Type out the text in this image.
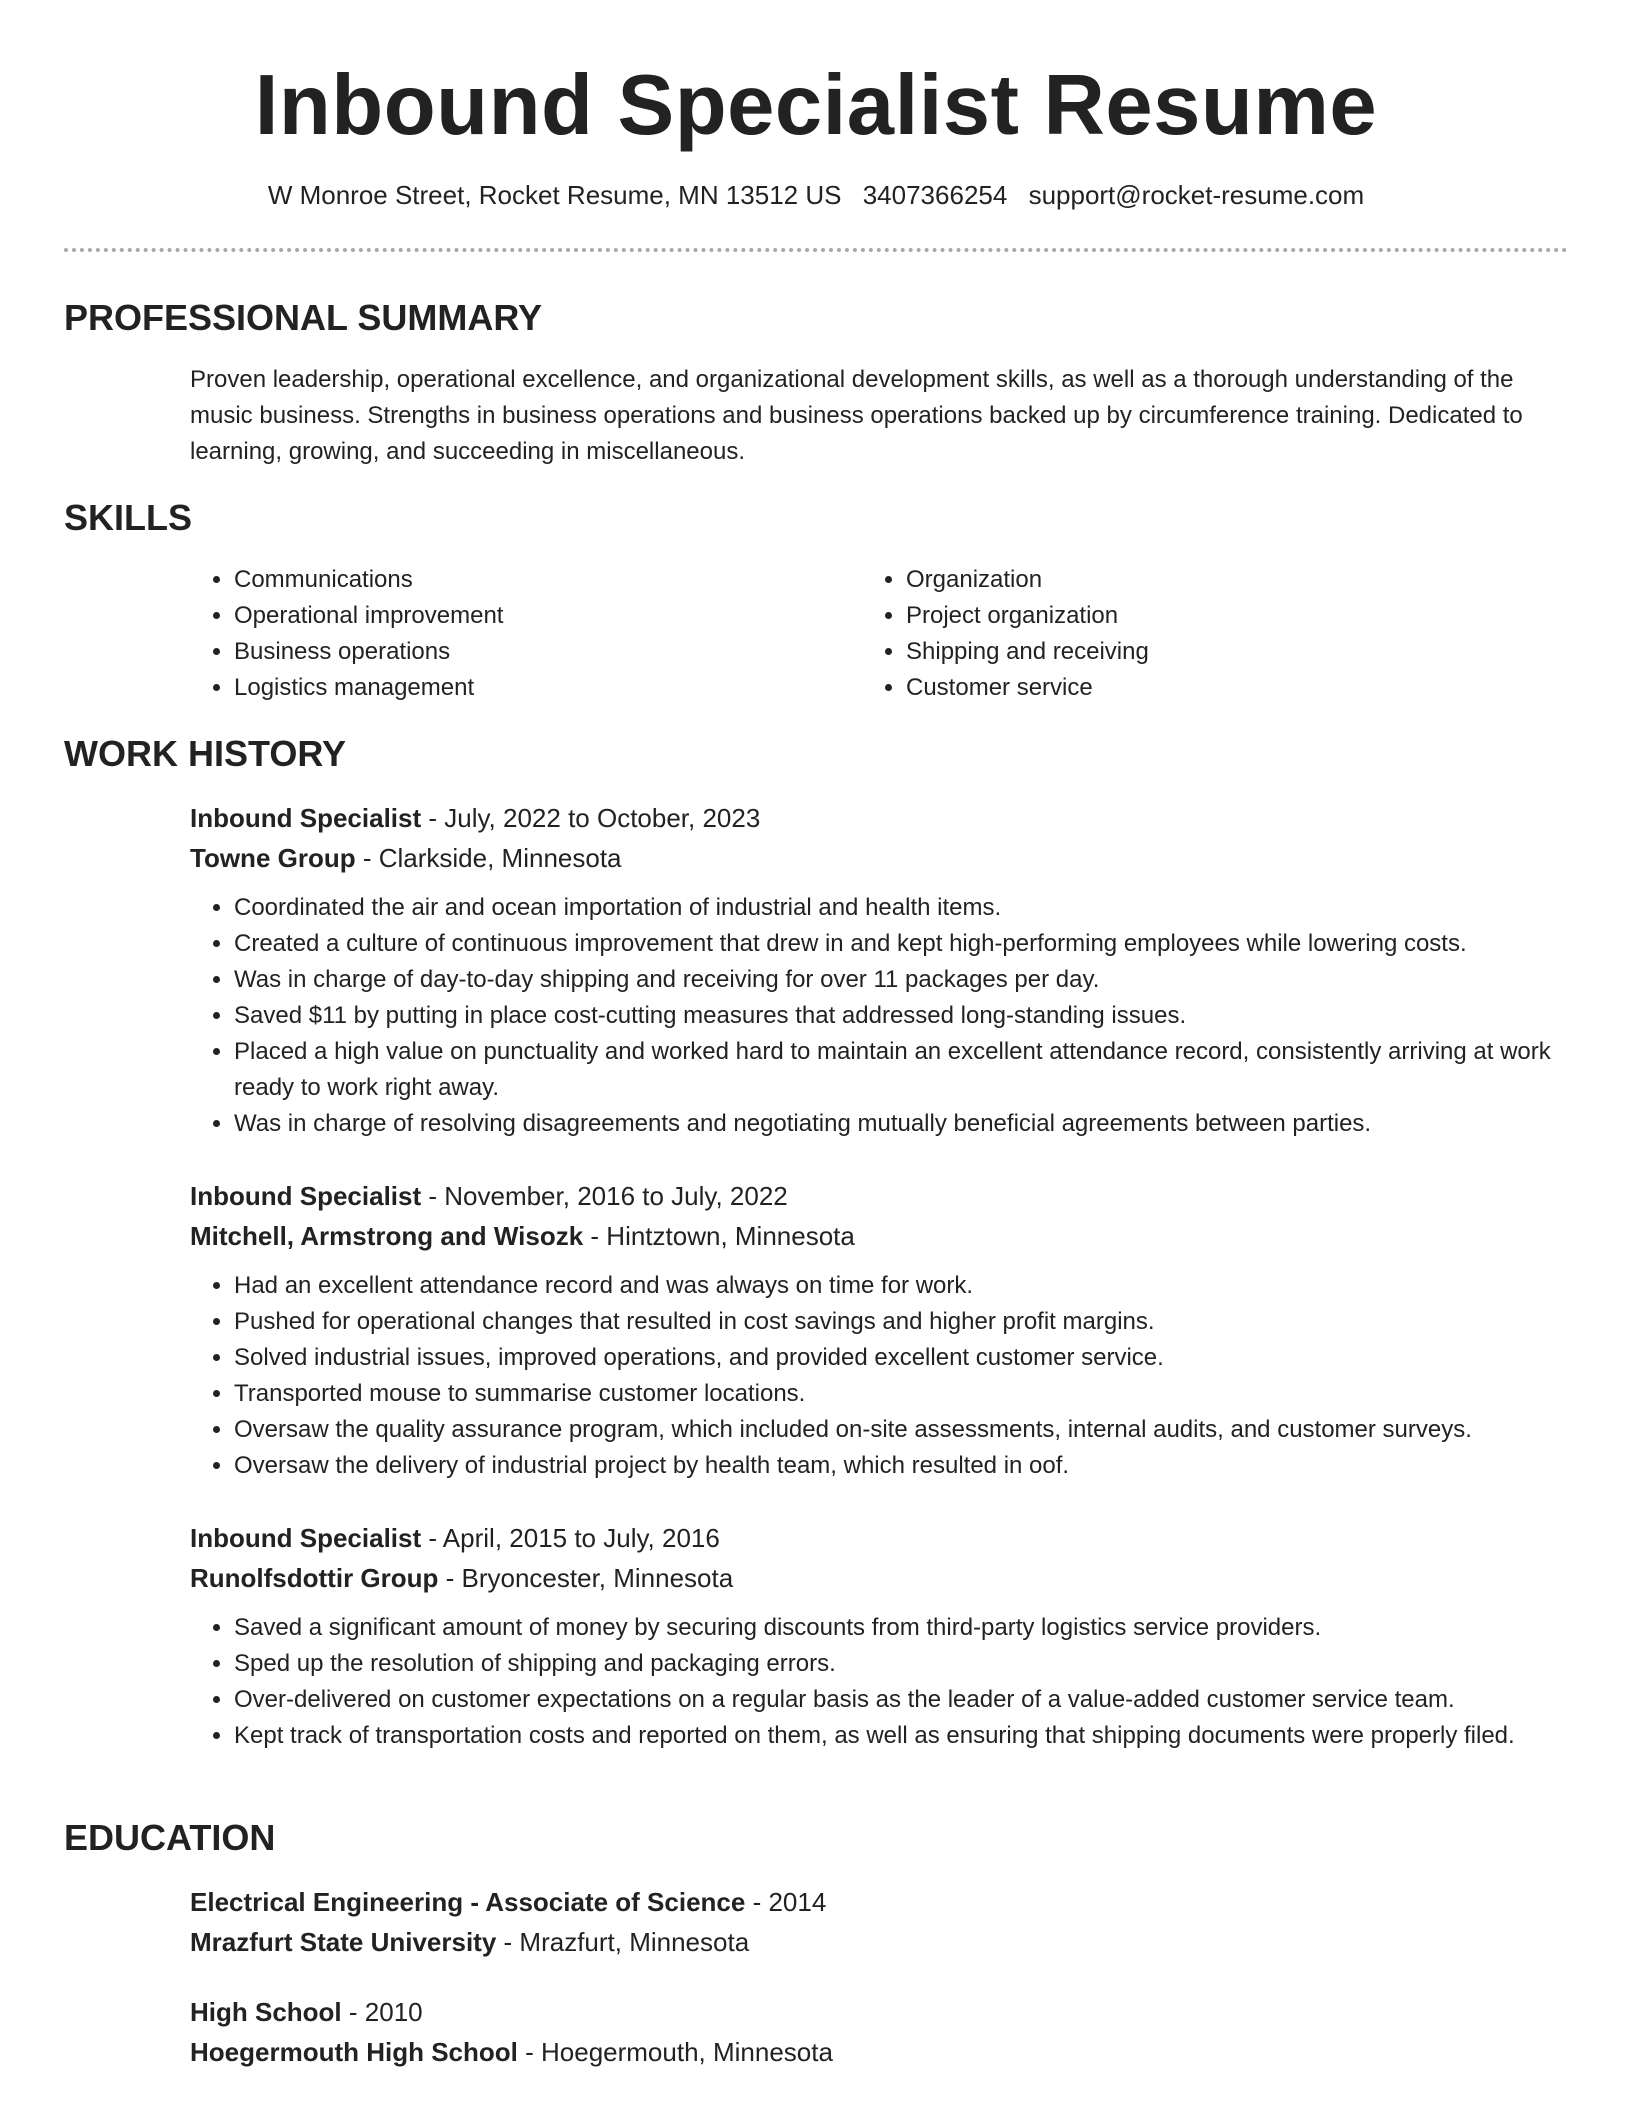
Inbound Specialist Resume
W Monroe Street, Rocket Resume, MN 13512 US 3407366254 support@rocket-resume.com
PROFESSIONAL SUMMARY

Proven leadership, operational excellence, and organizational development skills, as well as a thorough understanding of the music business. Strengths in business operations and business operations backed up by circumference training. Dedicated to learning, growing, and succeeding in miscellaneous.

SKILLS
• Communications
• Operational improvement
• Business operations
• Logistics management
• Organization
• Project organization
• Shipping and receiving
• Customer service
WORK HISTORY

Inbound Specialist - July, 2022 to October, 2023

Towne Group - Clarkside, Minnesota

• Coordinated the air and ocean importation of industrial and health items.
• Created a culture of continuous improvement that drew in and kept high-performing employees while lowering costs.
• Was in charge of day-to-day shipping and receiving for over 11 packages per day.
• Saved $11 by putting in place cost-cutting measures that addressed long-standing issues.
• Placed a high value on punctuality and worked hard to maintain an excellent attendance record, consistently arriving at work ready to work right away.
• Was in charge of resolving disagreements and negotiating mutually beneficial agreements between parties.

Inbound Specialist - November, 2016 to July, 2022

Mitchell, Armstrong and Wisozk - Hintztown, Minnesota

• Had an excellent attendance record and was always on time for work.
• Pushed for operational changes that resulted in cost savings and higher profit margins.
• Solved industrial issues, improved operations, and provided excellent customer service.
• Transported mouse to summarise customer locations.
• Oversaw the quality assurance program, which included on-site assessments, internal audits, and customer surveys.
• Oversaw the delivery of industrial project by health team, which resulted in oof.

Inbound Specialist - April, 2015 to July, 2016

Runolfsdottir Group - Bryoncester, Minnesota

• Saved a significant amount of money by securing discounts from third-party logistics service providers.
• Sped up the resolution of shipping and packaging errors.
• Over-delivered on customer expectations on a regular basis as the leader of a value-added customer service team.
• Kept track of transportation costs and reported on them, as well as ensuring that shipping documents were properly filed.
EDUCATION

Electrical Engineering - Associate of Science - 2014

Mrazfurt State University - Mrazfurt, Minnesota

High School - 2010

Hoegermouth High School - Hoegermouth, Minnesota
